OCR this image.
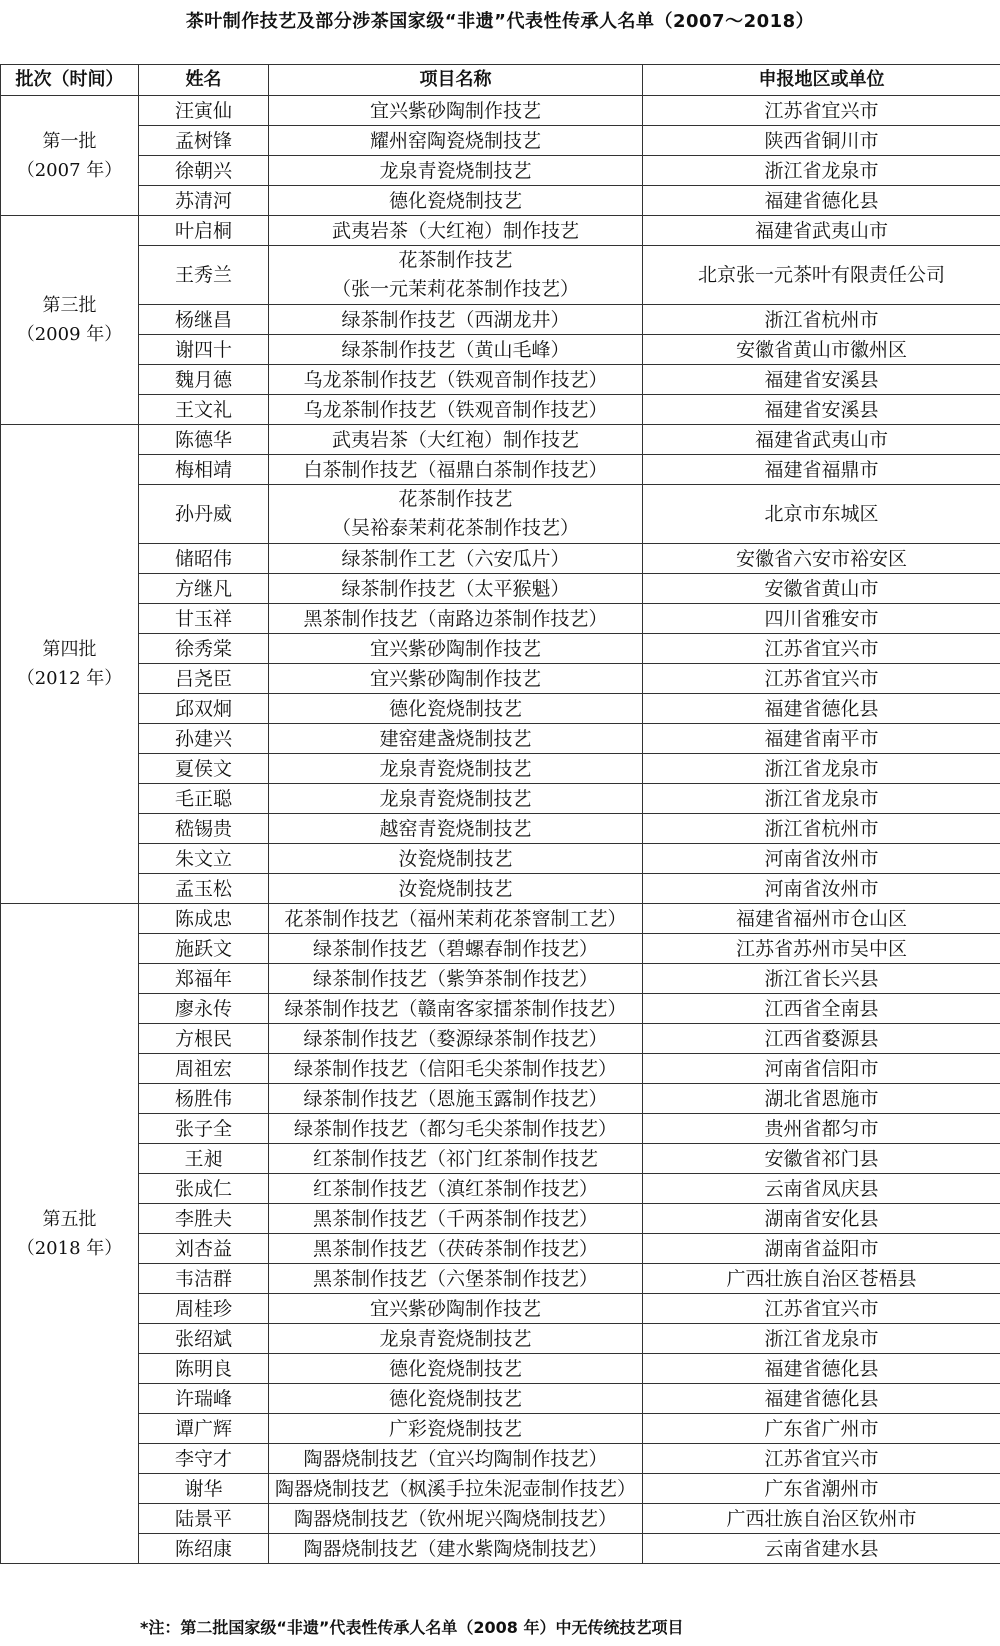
茶叶制作技艺及部分涉茶国家级“非遗”代表性传承人名单（2007～2018）
批次（时间）	姓名	项目名称	申报地区或单位

第一批
（2007 年）	汪寅仙	宜兴紫砂陶制作技艺	江苏省宜兴市
	孟树锋	耀州窑陶瓷烧制技艺	陕西省铜川市
	徐朝兴	龙泉青瓷烧制技艺	浙江省龙泉市
	苏清河	德化瓷烧制技艺	福建省德化县

第三批
（2009 年）	叶启桐	武夷岩茶（大红袍）制作技艺	福建省武夷山市
	王秀兰	花茶制作技艺
（张一元茉莉花茶制作技艺）	北京张一元茶叶有限责任公司
	杨继昌	绿茶制作技艺（西湖龙井）	浙江省杭州市
	谢四十	绿茶制作技艺（黄山毛峰）	安徽省黄山市徽州区
	魏月德	乌龙茶制作技艺（铁观音制作技艺）	福建省安溪县
	王文礼	乌龙茶制作技艺（铁观音制作技艺）	福建省安溪县

第四批
（2012 年）	陈德华	武夷岩茶（大红袍）制作技艺	福建省武夷山市
	梅相靖	白茶制作技艺（福鼎白茶制作技艺）	福建省福鼎市
	孙丹威	花茶制作技艺
（吴裕泰茉莉花茶制作技艺）	北京市东城区
	储昭伟	绿茶制作工艺（六安瓜片）	安徽省六安市裕安区
	方继凡	绿茶制作技艺（太平猴魁）	安徽省黄山市
	甘玉祥	黑茶制作技艺（南路边茶制作技艺）	四川省雅安市
	徐秀棠	宜兴紫砂陶制作技艺	江苏省宜兴市
	吕尧臣	宜兴紫砂陶制作技艺	江苏省宜兴市
	邱双炯	德化瓷烧制技艺	福建省德化县
	孙建兴	建窑建盏烧制技艺	福建省南平市
	夏侯文	龙泉青瓷烧制技艺	浙江省龙泉市
	毛正聪	龙泉青瓷烧制技艺	浙江省龙泉市
	嵇锡贵	越窑青瓷烧制技艺	浙江省杭州市
	朱文立	汝瓷烧制技艺	河南省汝州市
	孟玉松	汝瓷烧制技艺	河南省汝州市

第五批
（2018 年）	陈成忠	花茶制作技艺（福州茉莉花茶窨制工艺）	福建省福州市仓山区
	施跃文	绿茶制作技艺（碧螺春制作技艺）	江苏省苏州市吴中区
	郑福年	绿茶制作技艺（紫笋茶制作技艺）	浙江省长兴县
	廖永传	绿茶制作技艺（赣南客家擂茶制作技艺）	江西省全南县
	方根民	绿茶制作技艺（婺源绿茶制作技艺）	江西省婺源县
	周祖宏	绿茶制作技艺（信阳毛尖茶制作技艺）	河南省信阳市
	杨胜伟	绿茶制作技艺（恩施玉露制作技艺）	湖北省恩施市
	张子全	绿茶制作技艺（都匀毛尖茶制作技艺）	贵州省都匀市
	王昶	红茶制作技艺（祁门红茶制作技艺	安徽省祁门县
	张成仁	红茶制作技艺（滇红茶制作技艺）	云南省凤庆县
	李胜夫	黑茶制作技艺（千两茶制作技艺）	湖南省安化县
	刘杏益	黑茶制作技艺（茯砖茶制作技艺）	湖南省益阳市
	韦洁群	黑茶制作技艺（六堡茶制作技艺）	广西壮族自治区苍梧县
	周桂珍	宜兴紫砂陶制作技艺	江苏省宜兴市
	张绍斌	龙泉青瓷烧制技艺	浙江省龙泉市
	陈明良	德化瓷烧制技艺	福建省德化县
	许瑞峰	德化瓷烧制技艺	福建省德化县
	谭广辉	广彩瓷烧制技艺	广东省广州市
	李守才	陶器烧制技艺（宜兴均陶制作技艺）	江苏省宜兴市
	谢华	陶器烧制技艺（枫溪手拉朱泥壶制作技艺）	广东省潮州市
	陆景平	陶器烧制技艺（钦州坭兴陶烧制技艺）	广西壮族自治区钦州市
	陈绍康	陶器烧制技艺（建水紫陶烧制技艺）	云南省建水县
*注：第二批国家级“非遗”代表性传承人名单（2008 年）中无传统技艺项目
